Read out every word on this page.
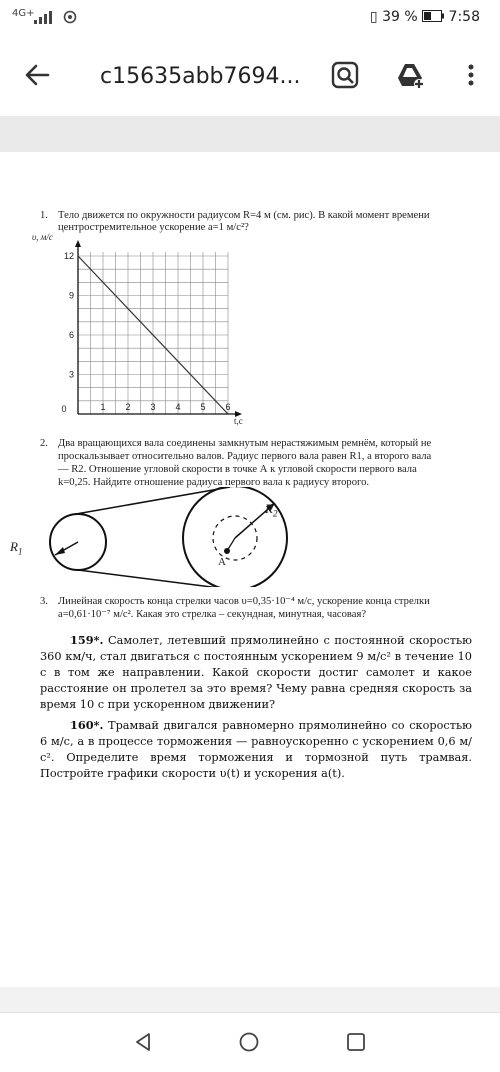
4G+	▯ 39 % 7:58
c15635abb7694...
1. Тело движется по окружности радиусом R=4 м (см. рис). В какой момент времени
центростремительное ускорение a=1 м/с²?
0	1 2 3 4 5 6
3
6
9
12
υ, м/с
t,c
2. Два вращающихся вала соединены замкнутым нерастяжимым ремнём, который не
проскальзывает относительно валов. Радиус первого вала равен R1, а второго вала
— R2. Отношение угловой скорости в точке А к угловой скорости первого вала
k=0,25. Найдите отношение радиуса первого вала к радиусу второго.
$R_1$
$R_2$
A
3. Линейная скорость конца стрелки часов υ=0,35·10⁻⁴ м/с, ускорение конца стрелки
a=0,61·10⁻⁷ м/с². Какая это стрелка – секундная, минутная, часовая?
159*. Самолет, летевший прямолинейно с постоянной скоростью 360 км/ч, стал двигаться с постоянным ускорением 9 м/с² в течение 10 с в том же направлении. Какой скорости достиг самолет и какое расстояние он пролетел за это время? Чему равна средняя скорость за время 10 с при ускоренном движении?
160*. Трамвай двигался равномерно прямолинейно со скоростью 6 м/с, а в процессе торможения — равноускоренно с ускорением 0,6 м/с². Определите время торможения и тормозной путь трамвая. Постройте графики скорости υ(t) и ускорения a(t).
